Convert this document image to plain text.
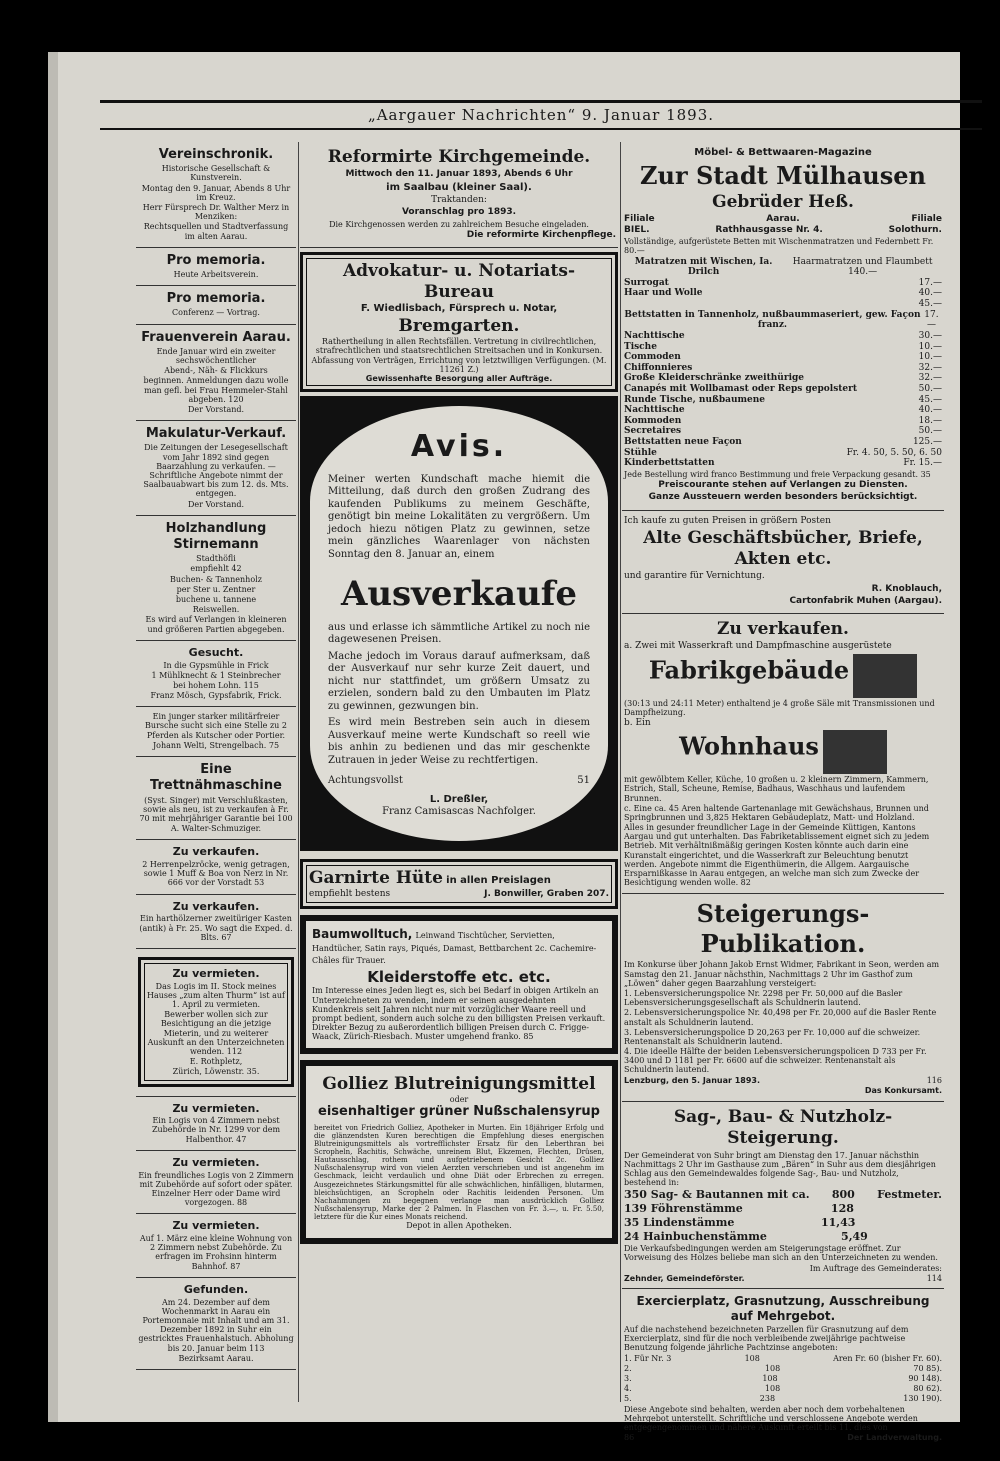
„Aargauer Nachrichten“ 9. Januar 1893.

Vereinschronik.

Historische Gesellschaft & Kunstverein.

Montag den 9. Januar, Abends 8 Uhr im Kreuz.

Herr Fürsprech Dr. Walther Merz in Menziken:

Rechtsquellen und Stadtverfassung im alten Aarau.

Pro memoria.

Heute Arbeitsverein.

Pro memoria.

Conferenz — Vortrag.

Frauenverein Aarau.

Ende Januar wird ein zweiter sechswöchentlicher

Abend-, Näh- & Flickkurs

beginnen. Anmeldungen dazu wolle man gefl. bei Frau Hemmeler-Stahl abgeben. 120

Der Vorstand.

Makulatur-Verkauf.

Die Zeitungen der Lesegesellschaft vom Jahr 1892 sind gegen Baarzahlung zu verkaufen. — Schriftliche Angebote nimmt der Saalbauabwart bis zum 12. ds. Mts. entgegen.

Der Vorstand.

Holzhandlung Stirnemann

Stadthöfli

empfiehlt 42

Buchen- & Tannenholz

per Ster u. Zentner

buchene u. tannene

Reiswellen.

Es wird auf Verlangen in kleineren und größeren Partien abgegeben.

Gesucht.

In die Gypsmühle in Frick

1 Mühlknecht & 1 Steinbrecher

bei hohem Lohn. 115

Franz Mösch, Gypsfabrik, Frick.

Ein junger starker militärfreier Bursche sucht sich eine Stelle zu 2 Pferden als Kutscher oder Portier.

Johann Welti, Strengelbach. 75

Eine Trettnähmaschine

(Syst. Singer) mit Verschlußkasten, sowie als neu, ist zu verkaufen à Fr. 70 mit mehrjähriger Garantie bei 100

A. Walter-Schmuziger.

Zu verkaufen.

2 Herrenpelzröcke, wenig getragen, sowie 1 Muff & Boa von Nerz in Nr. 666 vor der Vorstadt 53

Zu verkaufen.

Ein harthölzerner zweitüriger Kasten (antik) à Fr. 25. Wo sagt die Exped. d. Blts. 67

Zu vermieten.

Das Logis im II. Stock meines Hauses „zum alten Thurm“ ist auf 1. April zu vermieten.

Bewerber wollen sich zur Besichtigung an die jetzige Mieterin, und zu weiterer Auskunft an den Unterzeichneten wenden. 112

E. Rothpletz,

Zürich, Löwenstr. 35.

Zu vermieten.

Ein Logis von 4 Zimmern nebst Zubehörde in Nr. 1299 vor dem Halbenthor. 47

Zu vermieten.

Ein freundliches Logis von 2 Zimmern mit Zubehörde auf sofort oder später. Einzelner Herr oder Dame wird vorgezogen. 88

Zu vermieten.

Auf 1. März eine kleine Wohnung von 2 Zimmern nebst Zubehörde. Zu erfragen im Frohsinn hinterm Bahnhof. 87

Gefunden.

Am 24. Dezember auf dem Wochenmarkt in Aarau ein Portemonnaie mit Inhalt und am 31. Dezember 1892 in Suhr ein gestricktes Frauenhalstuch. Abholung bis 20. Januar beim 113

Bezirksamt Aarau.

Reformirte Kirchgemeinde.

Mittwoch den 11. Januar 1893, Abends 6 Uhr

im Saalbau (kleiner Saal).

Traktanden:

Voranschlag pro 1893.

Die Kirchgenossen werden zu zahlreichem Besuche eingeladen.

Die reformirte Kirchenpflege.

Advokatur- u. Notariats-Bureau

F. Wiedlisbach, Fürsprech u. Notar,

Bremgarten.

Rathertheilung in allen Rechtsfällen. Vertretung in civilrechtlichen, strafrechtlichen und staatsrechtlichen Streitsachen und in Konkursen. Abfassung von Verträgen, Errichtung von letztwilligen Verfügungen. (M. 11261 Z.)

Gewissenhafte Besorgung aller Aufträge.

Avis.

Meiner werten Kundschaft mache hiemit die Mitteilung, daß durch den großen Zudrang des kaufenden Publikums zu meinem Geschäfte, genötigt bin meine Lokalitäten zu vergrößern. Um jedoch hiezu nötigen Platz zu gewinnen, setze mein gänzliches Waarenlager von nächsten Sonntag den 8. Januar an, einem

Ausverkaufe

aus und erlasse ich sämmtliche Artikel zu noch nie dagewesenen Preisen.

Mache jedoch im Voraus darauf aufmerksam, daß der Ausverkauf nur sehr kurze Zeit dauert, und nicht nur stattfindet, um größern Umsatz zu erzielen, sondern bald zu den Umbauten im Platz zu gewinnen, gezwungen bin.

Es wird mein Bestreben sein auch in diesem Ausverkauf meine werte Kundschaft so reell wie bis anhin zu bedienen und das mir geschenkte Zutrauen in jeder Weise zu rechtfertigen.

Achtungsvollst	51

L. Dreßler,

Franz Camisascas Nachfolger.

Garnirte Hüte in allen Preislagen

empfiehlt bestens	J. Bonwiller, Graben 207.

Baumwolltuch, Leinwand Tischtücher, Servietten, Handtücher, Satin rays, Piqués, Damast, Bettbarchent 2c. Cachemire-Châles für Trauer.

Kleiderstoffe etc. etc.

Im Interesse eines Jeden liegt es, sich bei Bedarf in obigen Artikeln an Unterzeichneten zu wenden, indem er seinen ausgedehnten Kundenkreis seit Jahren nicht nur mit vorzüglicher Waare reell und prompt bedient, sondern auch solche zu den billigsten Preisen verkauft. Direkter Bezug zu außerordentlich billigen Preisen durch C. Frigge-Waack, Zürich-Riesbach. Muster umgehend franko. 85

Golliez Blutreinigungsmittel

oder

eisenhaltiger grüner Nußschalensyrup

bereitet von Friedrich Golliez, Apotheker in Murten. Ein 18jähriger Erfolg und die glänzendsten Kuren berechtigen die Empfehlung dieses energischen Blutreinigungsmittels als vortrefflichster Ersatz für den Leberthran bei Scropheln, Rachitis, Schwäche, unreinem Blut, Ekzemen, Flechten, Drüsen, Hautausschlag, rothem und aufgetriebenem Gesicht 2c. Golliez Nußschalensyrup wird von vielen Aerzten verschrieben und ist angenehm im Geschmack, leicht verdaulich und ohne Diät oder Erbrechen zu erregen. Ausgezeichnetes Stärkungsmittel für alle schwächlichen, hinfälligen, blutarmen, bleichsüchtigen, an Scropheln oder Rachitis leidenden Personen. Um Nachahmungen zu begegnen verlange man ausdrücklich Golliez Nußschalensyrup, Marke der 2 Palmen. In Flaschen von Fr. 3.—, u. Fr. 5.50, letztere für die Kur eines Monats reichend.

Depot in allen Apotheken.

Möbel- & Bettwaaren-Magazine

Zur Stadt Mülhausen

Gebrüder Heß.

Filiale	Aarau.	Filiale
BIEL.	Rathhausgasse Nr. 4.	Solothurn.

Vollständige, aufgerüstete Betten mit Wischenmatratzen und Federnbett Fr. 80.—

Matratzen mit Wischen, Ia. Drilch
Haarmatratzen und Flaumbett 140.—
Surrogat	17.—
Haar und Wolle	40.—
45.—
Bettstatten in Tannenholz, nußbaummaseriert, gew. Façon franz.
17.—
Nachttische	30.—
Tische	10.—
Commoden	10.—
Chiffonnieres	32.—
Große Kleiderschränke zweithürige	32.—
Canapés mit Wollbamast oder Reps gepolstert	50.—
Runde Tische, nußbaumene	45.—
Nachttische	40.—
Kommoden	18.—
Secretaires	50.—
Bettstatten neue Façon	125.—
Stühle	Fr. 4. 50, 5. 50, 6. 50
Kinderbettstatten	Fr. 15.—

Jede Bestellung wird franco Bestimmung und freie Verpackung gesandt. 35

Preiscourante stehen auf Verlangen zu Diensten.

Ganze Aussteuern werden besonders berücksichtigt.

Ich kaufe zu guten Preisen in größern Posten

Alte Geschäftsbücher, Briefe, Akten etc.

und garantire für Vernichtung.

R. Knoblauch,

Cartonfabrik Muhen (Aargau).

Zu verkaufen.

a. Zwei mit Wasserkraft und Dampfmaschine ausgerüstete

Fabrikgebäude

(30:13 und 24:11 Meter) enthaltend je 4 große Säle mit Transmissionen und Dampfheizung.

b. Ein

Wohnhaus

mit gewölbtem Keller, Küche, 10 großen u. 2 kleinern Zimmern, Kammern, Estrich, Stall, Scheune, Remise, Badhaus, Waschhaus und laufendem Brunnen.

c. Eine ca. 45 Aren haltende Gartenanlage mit Gewächshaus, Brunnen und Springbrunnen und 3,825 Hektaren Gebäudeplatz, Matt- und Holzland.

Alles in gesunder freundlicher Lage in der Gemeinde Küttigen, Kantons Aargau und gut unterhalten. Das Fabriketablissement eignet sich zu jedem Betrieb. Mit verhältnißmäßig geringen Kosten könnte auch darin eine Kuranstalt eingerichtet, und die Wasserkraft zur Beleuchtung benutzt werden. Angebote nimmt die Eigenthümerin, die Allgem. Aargauische Ersparnißkasse in Aarau entgegen, an welche man sich zum Zwecke der Besichtigung wenden wolle. 82

Steigerungs-Publikation.

Im Konkurse über Johann Jakob Ernst Widmer, Fabrikant in Seon, werden am Samstag den 21. Januar nächsthin, Nachmittags 2 Uhr im Gasthof zum „Löwen“ daher gegen Baarzahlung versteigert:

1. Lebensversicherungspolice Nr. 2298 per Fr. 50,000 auf die Basler Lebensversicherungsgesellschaft als Schuldnerin lautend.

2. Lebensversicherungspolice Nr. 40,498 per Fr. 20,000 auf die Basler Rente anstalt als Schuldnerin lautend.

3. Lebensversicherungspolice D 20,263 per Fr. 10,000 auf die schweizer. Rentenanstalt als Schuldnerin lautend.

4. Die ideelle Hälfte der beiden Lebensversicherungspolicen D 733 per Fr. 3400 und D 1181 per Fr. 6600 auf die schweizer. Rentenanstalt als Schuldnerin lautend.

Lenzburg, den 5. Januar 1893.	116

Das Konkursamt.

Sag-, Bau- & Nutzholz-Steigerung.

Der Gemeinderat von Suhr bringt am Dienstag den 17. Januar nächsthin Nachmittags 2 Uhr im Gasthause zum „Bären“ in Suhr aus dem diesjährigen Schlag aus den Gemeindewaldes folgende Sag-, Bau- und Nutzholz, bestehend in:

350 Sag- & Bautannen mit ca. 800 Festmeter.
139 Föhrenstämme	128
35 Lindenstämme	11,43
24 Hainbuchenstämme	5,49

Die Verkaufsbedingungen werden am Steigerungstage eröffnet. Zur Vorweisung des Holzes beliebe man sich an den Unterzeichneten zu wenden.

Im Auftrage des Gemeinderates:

Zehnder, Gemeindeförster.	114

Exercierplatz, Grasnutzung, Ausschreibung auf Mehrgebot.

Auf die nachstehend bezeichneten Parzellen für Grasnutzung auf dem Exercierplatz, sind für die noch verbleibende zweijährige pachtweise Benutzung folgende jährliche Pachtzinse angeboten:

1. Für Nr. 3	108	Aren Fr. 60 (bisher Fr. 60).
2.	108	70 85).
3.	108	90 148).
4.	108	80 62).
5.	238	130 190).

Diese Angebote sind behalten, werden aber noch dem vorbehaltenen Mehrgebot unterstellt. Schriftliche und verschlossene Angebote werden entgegengenommen und nähere Auskunft erteilt bis 11. dies von

86	Der Landverwaltung.
